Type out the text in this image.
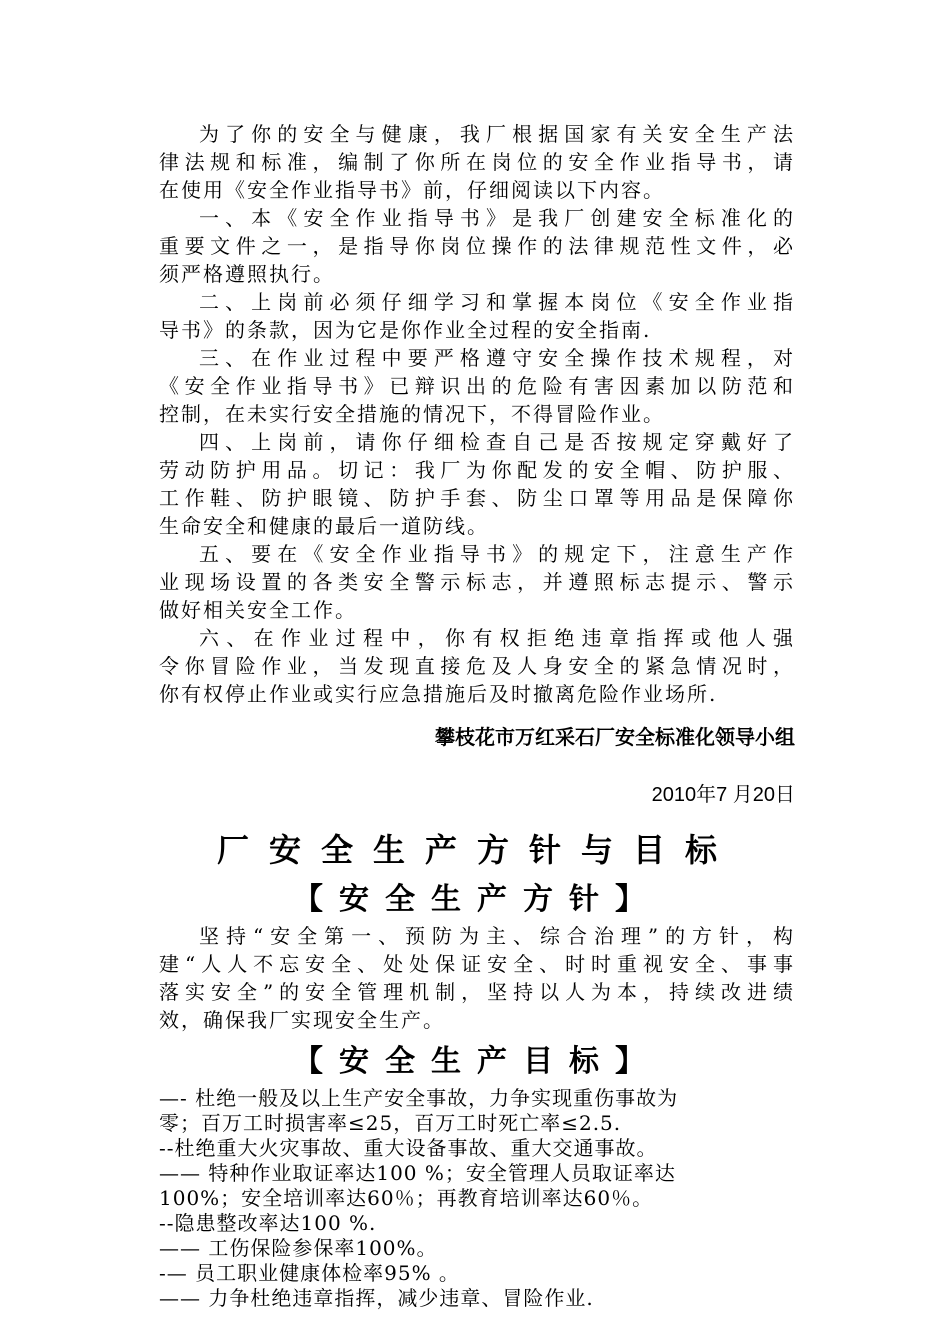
为了你的安全与健康，我厂根据国家有关安全生产法

律法规和标准，编制了你所在岗位的安全作业指导书，请

在使用《安全作业指导书》前，仔细阅读以下内容。

一、本《安全作业指导书》是我厂创建安全标准化的

重要文件之一，是指导你岗位操作的法律规范性文件，必

须严格遵照执行。

二、上岗前必须仔细学习和掌握本岗位《安全作业指

导书》的条款，因为它是你作业全过程的安全指南.

三、在作业过程中要严格遵守安全操作技术规程，对

《安全作业指导书》已辩识出的危险有害因素加以防范和

控制，在未实行安全措施的情况下，不得冒险作业。

四、上岗前，请你仔细检查自己是否按规定穿戴好了

劳动防护用品。切记：我厂为你配发的安全帽、防护服、

工作鞋、防护眼镜、防护手套、防尘口罩等用品是保障你

生命安全和健康的最后一道防线。

五、要在《安全作业指导书》的规定下，注意生产作

业现场设置的各类安全警示标志，并遵照标志提示、警示

做好相关安全工作。

六、在作业过程中，你有权拒绝违章指挥或他人强

令你冒险作业，当发现直接危及人身安全的紧急情况时，

你有权停止作业或实行应急措施后及时撤离危险作业场所.

攀枝花市万红采石厂安全标准化领导小组

2010年7 月20日

厂安全生产方针与目标

【安全生产方针】

坚持“安全第一、预防为主、综合治理”的方针，构

建“人人不忘安全、处处保证安全、时时重视安全、事事

落实安全”的安全管理机制，坚持以人为本，持续改进绩

效，确保我厂实现安全生产。

【安全生产目标】

—- 杜绝一般及以上生产安全事故，力争实现重伤事故为

零；百万工时损害率≤25，百万工时死亡率≤2.5.

--杜绝重大火灾事故、重大设备事故、重大交通事故。

—— 特种作业取证率达100 %；安全管理人员取证率达

100%；安全培训率达60％；再教育培训率达60％。

--隐患整改率达100 %.

—— 工伤保险参保率100%。

-— 员工职业健康体检率95% 。

—— 力争杜绝违章指挥，减少违章、冒险作业.
